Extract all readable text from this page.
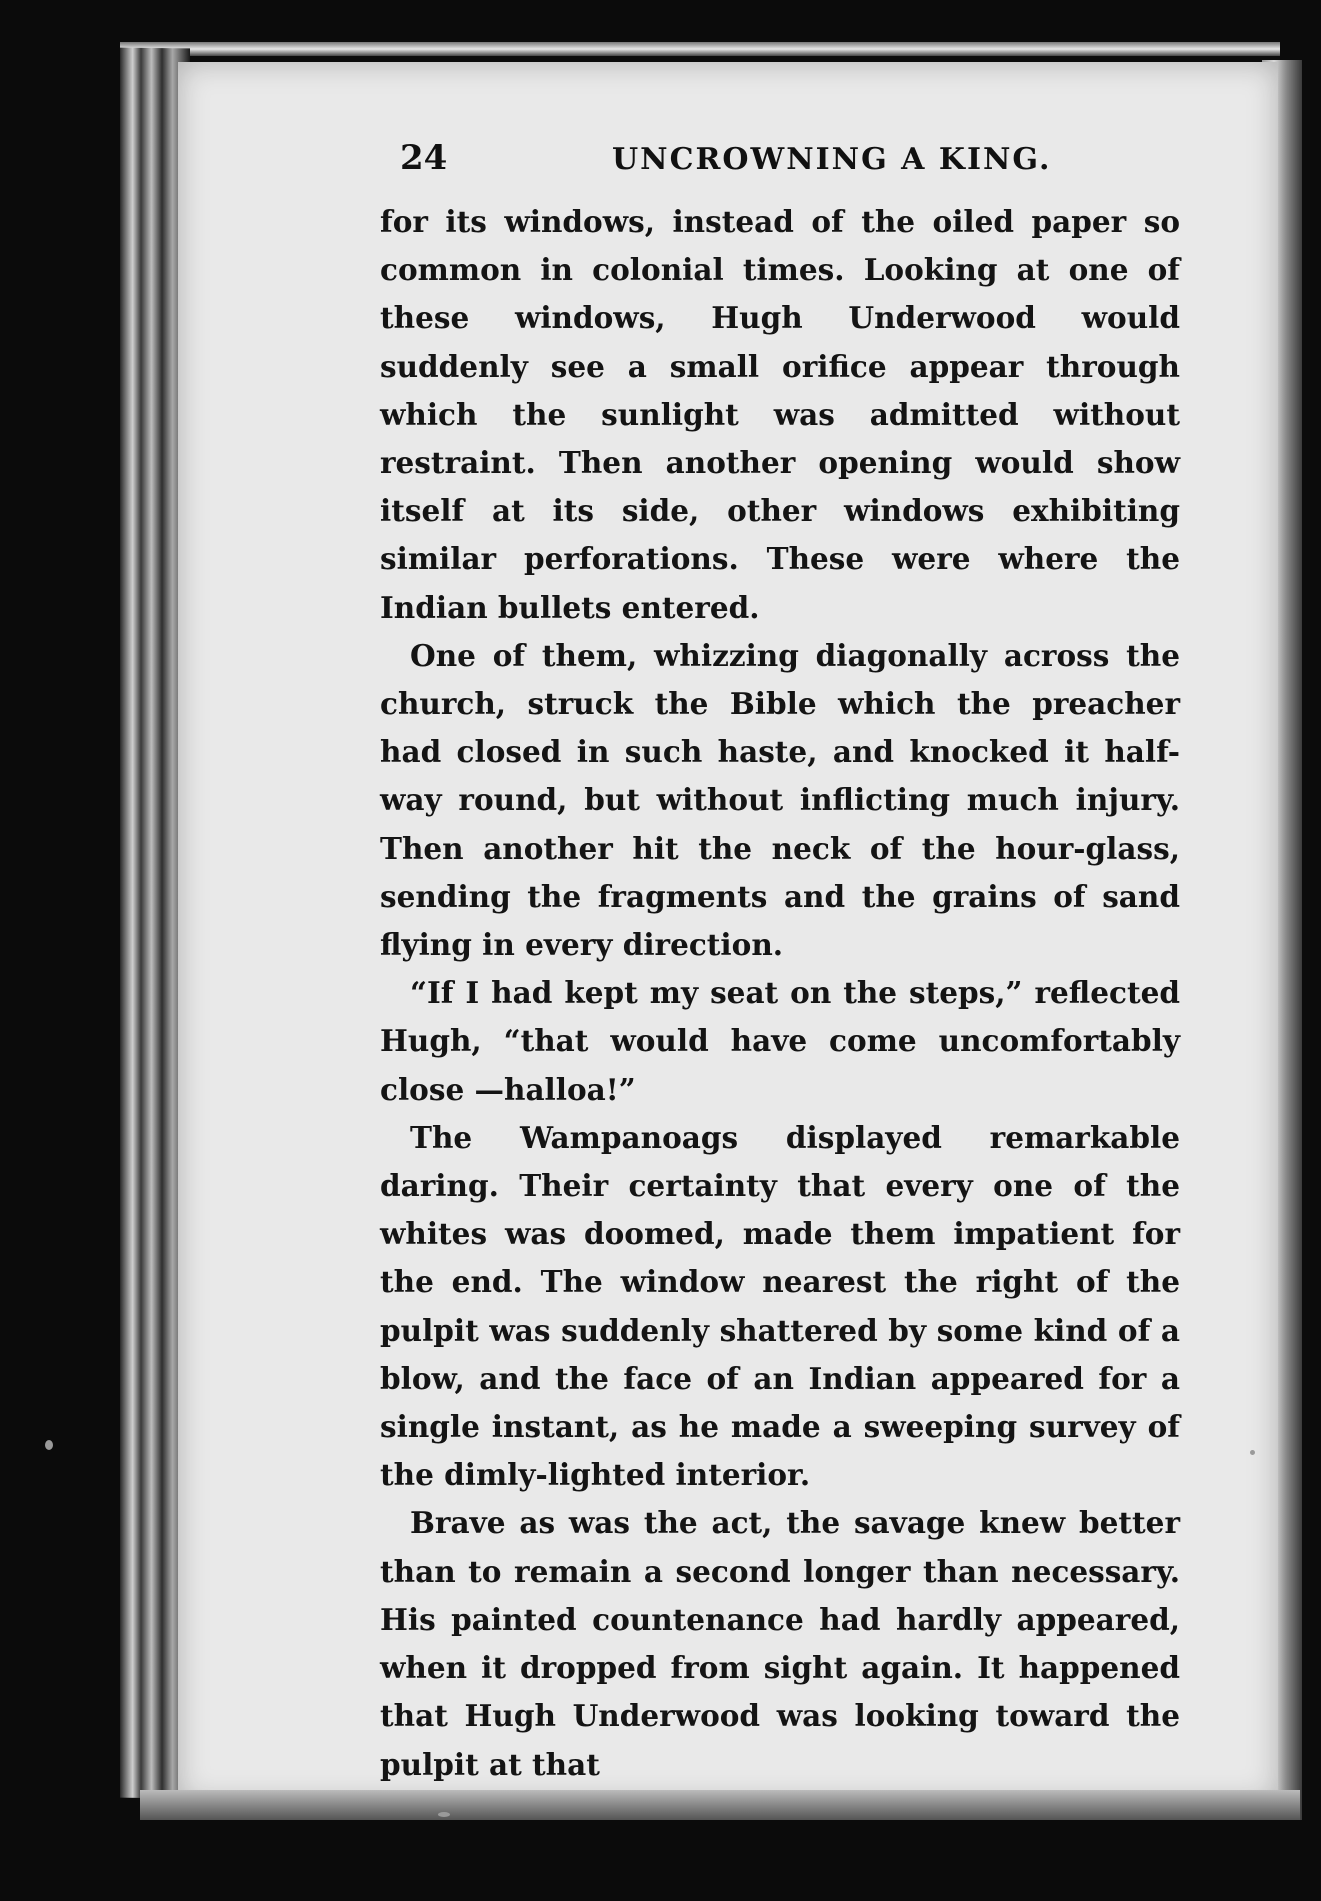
24	UNCROWNING A KING.

for its windows, instead of the oiled paper so common in colonial times. Looking at one of these windows, Hugh Underwood would suddenly see a small orifice appear through which the sunlight was admitted without restraint. Then another opening would show itself at its side, other windows exhibiting similar perforations. These were where the Indian bullets entered.

One of them, whizzing diagonally across the church, struck the Bible which the preacher had closed in such haste, and knocked it half-way round, but without inflicting much injury. Then another hit the neck of the hour-glass, sending the fragments and the grains of sand flying in every direction.

“If I had kept my seat on the steps,” reflected Hugh, “that would have come uncomfortably close —halloa!”

The Wampanoags displayed remarkable daring. Their certainty that every one of the whites was doomed, made them impatient for the end. The window nearest the right of the pulpit was suddenly shattered by some kind of a blow, and the face of an Indian appeared for a single instant, as he made a sweeping survey of the dimly-lighted interior.

Brave as was the act, the savage knew better than to remain a second longer than necessary. His painted countenance had hardly appeared, when it dropped from sight again. It happened that Hugh Underwood was looking toward the pulpit at that
